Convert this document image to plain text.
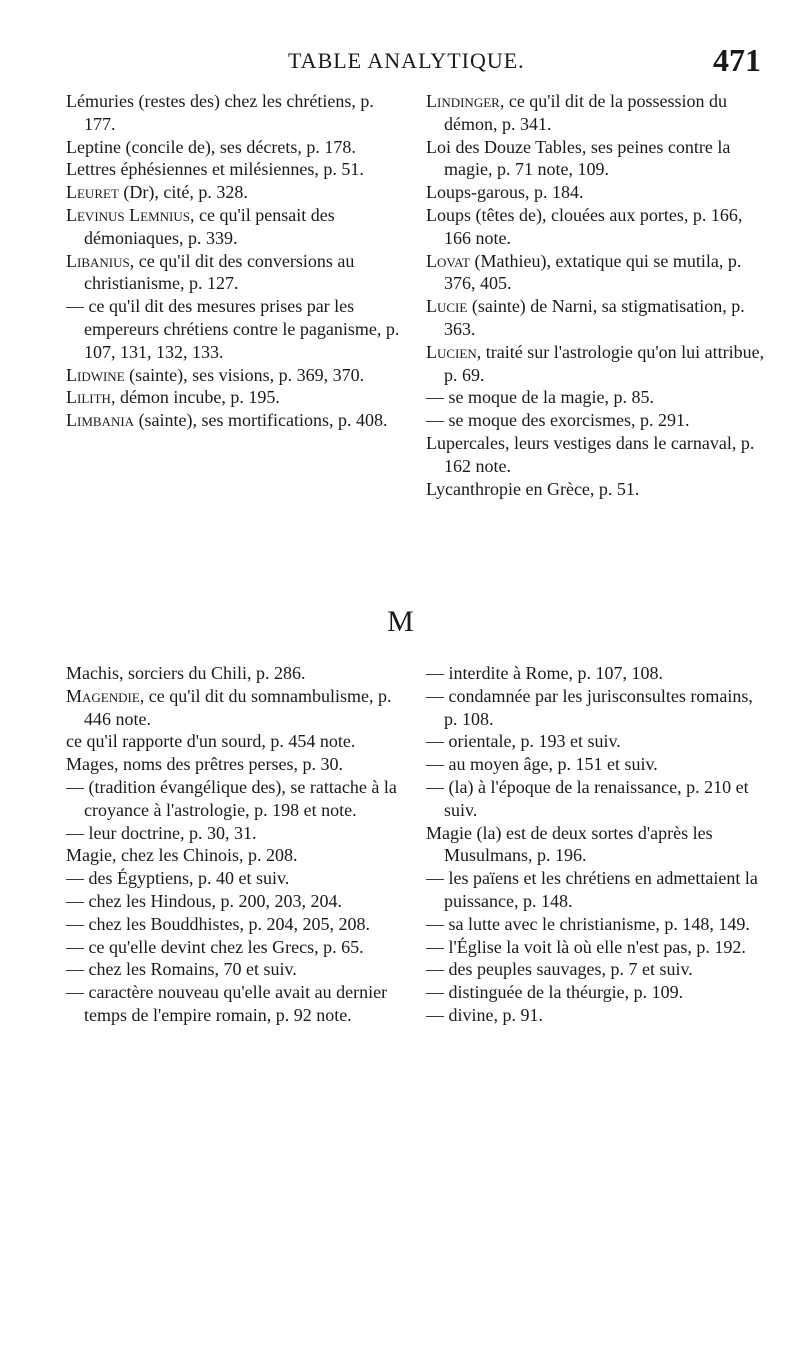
TABLE ANALYTIQUE.	471
Lémuries (restes des) chez les chrétiens, p. 177.
Leptine (concile de), ses décrets, p. 178.
Lettres éphésiennes et milésiennes, p. 51.
Leuret (Dr), cité, p. 328.
Levinus Lemnius, ce qu'il pensait des démoniaques, p. 339.
Libanius, ce qu'il dit des conversions au christianisme, p. 127.
— ce qu'il dit des mesures prises par les empereurs chrétiens contre le paganisme, p. 107, 131, 132, 133.
Lidwine (sainte), ses visions, p. 369, 370.
Lilith, démon incube, p. 195.
Limbania (sainte), ses mortifications, p. 408.
Lindinger, ce qu'il dit de la possession du démon, p. 341.
Loi des Douze Tables, ses peines contre la magie, p. 71 note, 109.
Loups-garous, p. 184.
Loups (têtes de), clouées aux portes, p. 166, 166 note.
Lovat (Mathieu), extatique qui se mutila, p. 376, 405.
Lucie (sainte) de Narni, sa stigmatisation, p. 363.
Lucien, traité sur l'astrologie qu'on lui attribue, p. 69.
— se moque de la magie, p. 85.
— se moque des exorcismes, p. 291.
Lupercales, leurs vestiges dans le carnaval, p. 162 note.
Lycanthropie en Grèce, p. 51.
M
Machis, sorciers du Chili, p. 286.
Magendie, ce qu'il dit du somnambulisme, p. 446 note.
ce qu'il rapporte d'un sourd, p. 454 note.
Mages, noms des prêtres perses, p. 30.
— (tradition évangélique des), se rattache à la croyance à l'astrologie, p. 198 et note.
— leur doctrine, p. 30, 31.
Magie, chez les Chinois, p. 208.
— des Égyptiens, p. 40 et suiv.
— chez les Hindous, p. 200, 203, 204.
— chez les Bouddhistes, p. 204, 205, 208.
— ce qu'elle devint chez les Grecs, p. 65.
— chez les Romains, 70 et suiv.
— caractère nouveau qu'elle avait au dernier temps de l'empire romain, p. 92 note.
— interdite à Rome, p. 107, 108.
— condamnée par les jurisconsultes romains, p. 108.
— orientale, p. 193 et suiv.
— au moyen âge, p. 151 et suiv.
— (la) à l'époque de la renaissance, p. 210 et suiv.
Magie (la) est de deux sortes d'après les Musulmans, p. 196.
— les païens et les chrétiens en admettaient la puissance, p. 148.
— sa lutte avec le christianisme, p. 148, 149.
— l'Église la voit là où elle n'est pas, p. 192.
— des peuples sauvages, p. 7 et suiv.
— distinguée de la théurgie, p. 109.
— divine, p. 91.
